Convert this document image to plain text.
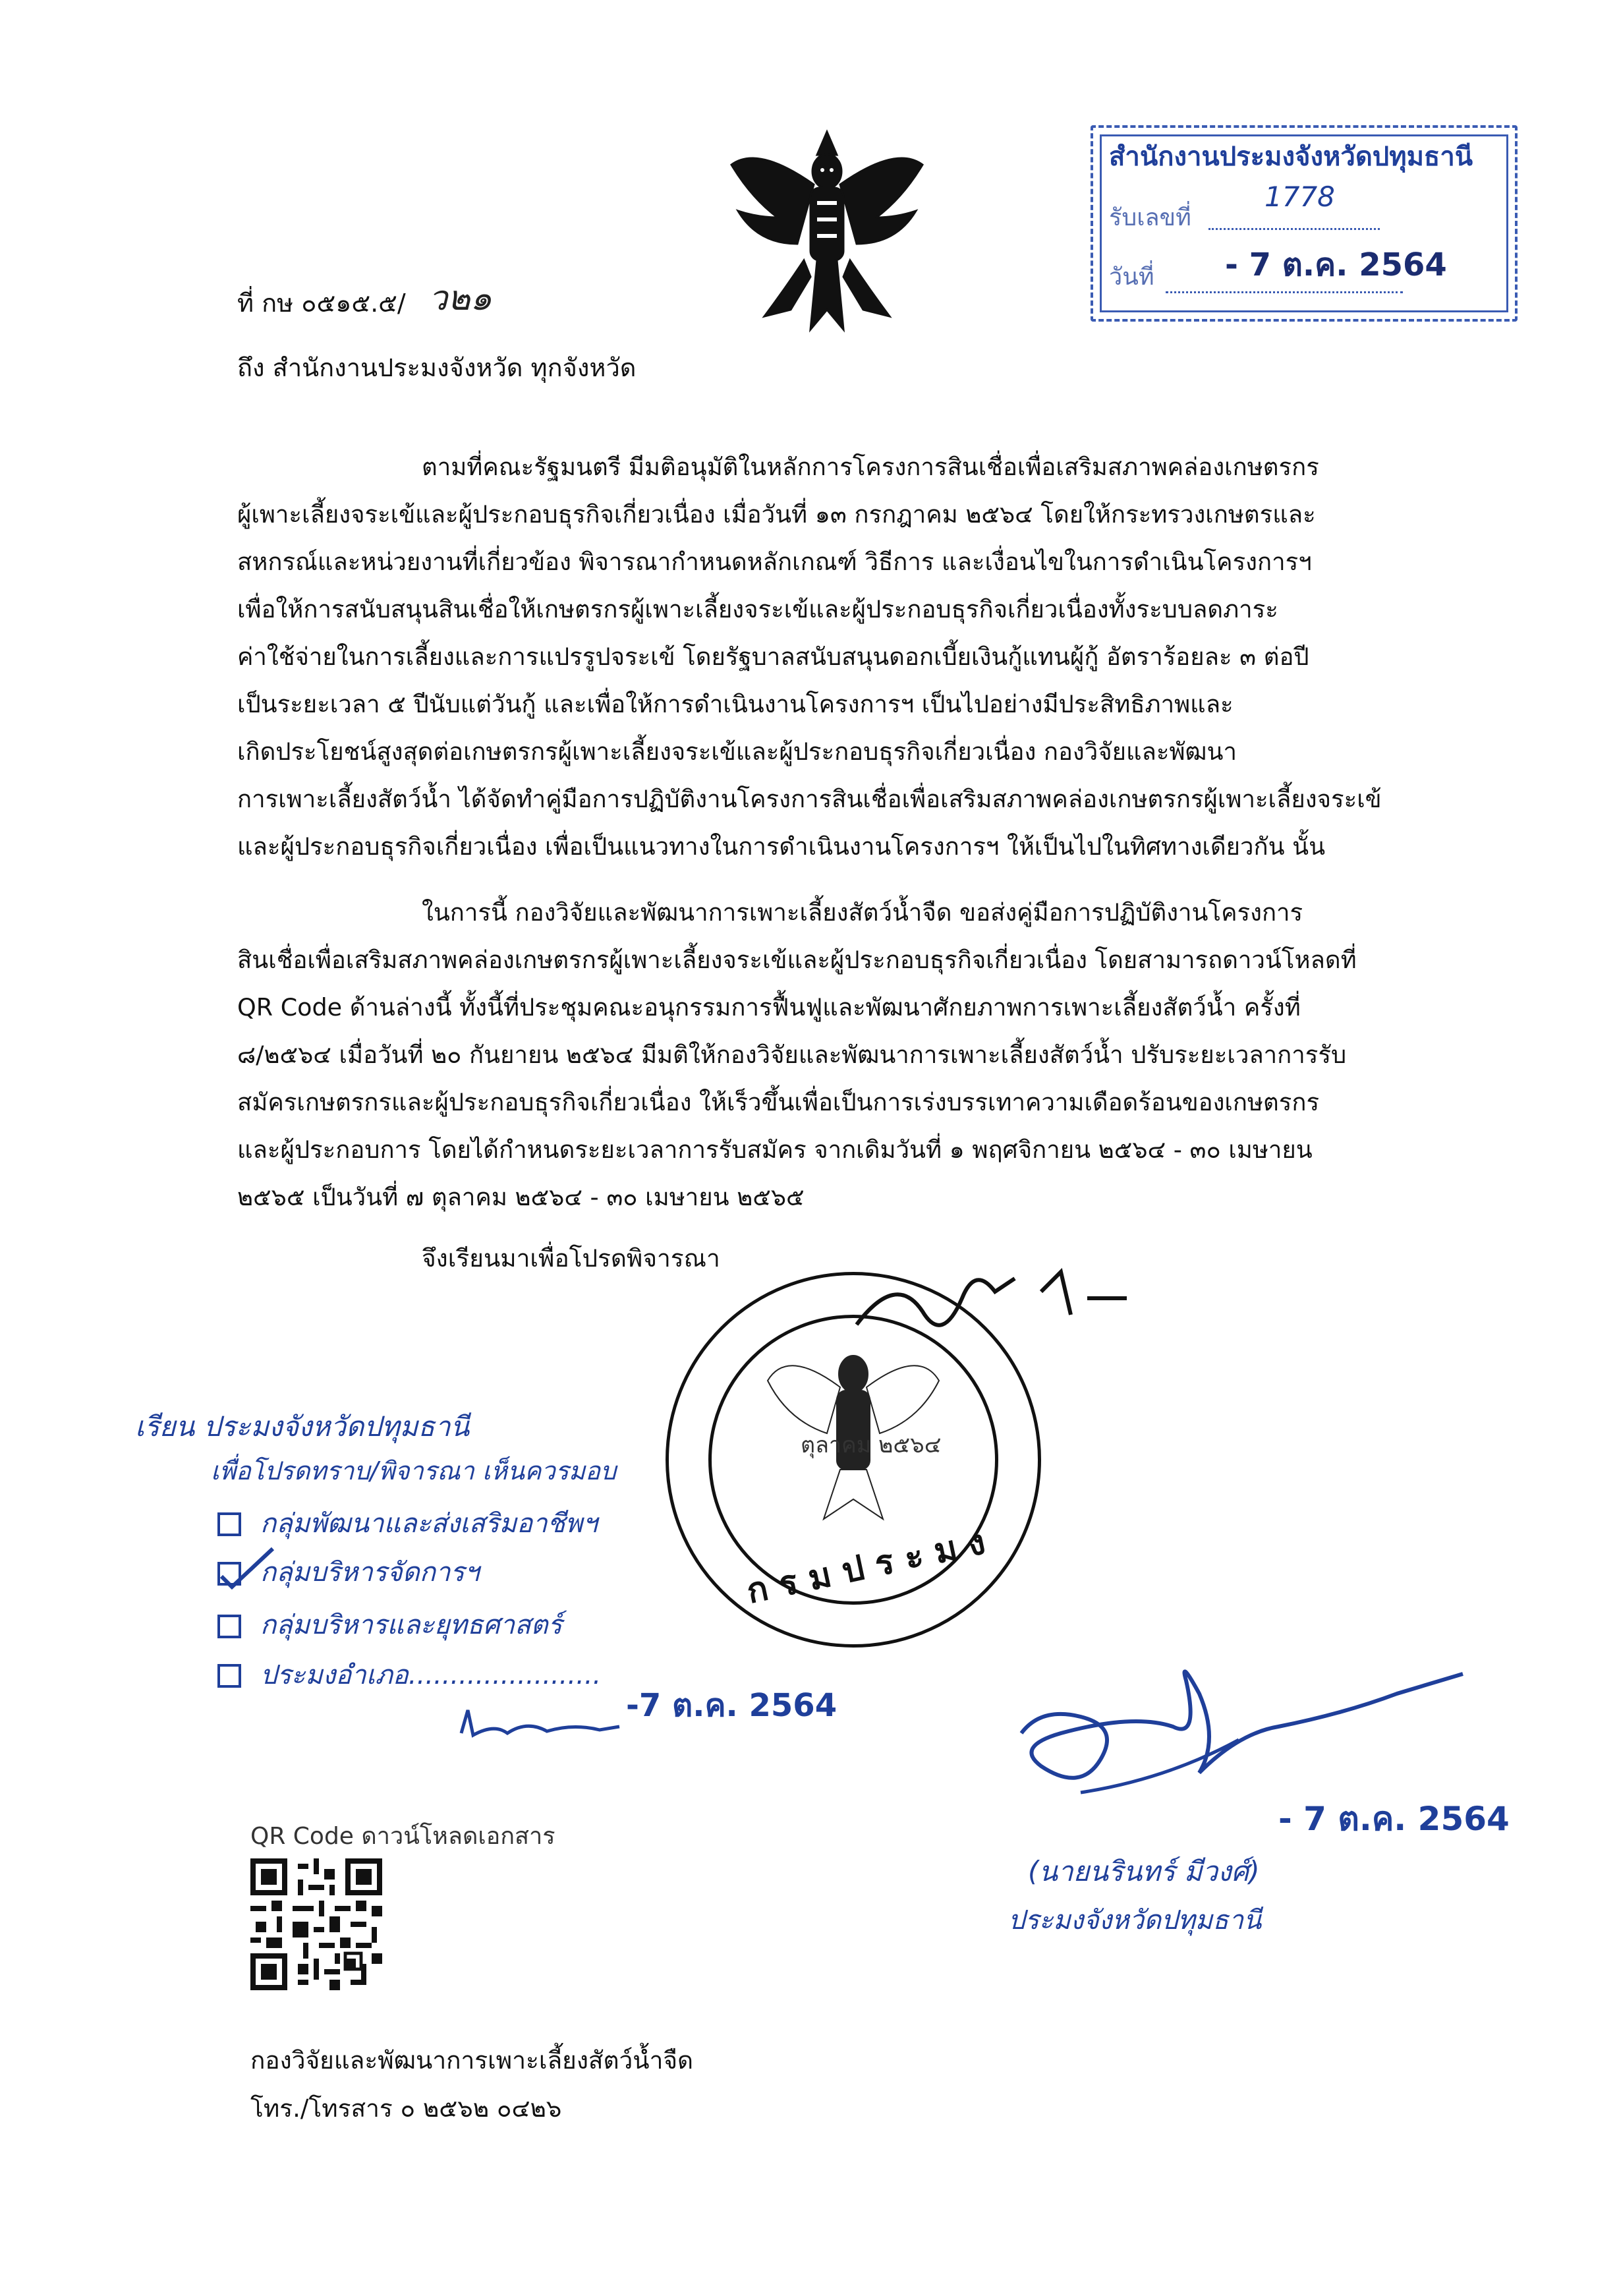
สำนักงานประมงจังหวัดปทุมธานี
รับเลขที่
1778
วันที่ - 7 ต.ค. 2564
ที่ กษ ๐๕๑๕.๕/ ว๒๑
ถึง สำนักงานประมงจังหวัด ทุกจังหวัด
ตามที่คณะรัฐมนตรี มีมติอนุมัติในหลักการโครงการสินเชื่อเพื่อเสริมสภาพคล่องเกษตรกร
ผู้เพาะเลี้ยงจระเข้และผู้ประกอบธุรกิจเกี่ยวเนื่อง เมื่อวันที่ ๑๓ กรกฎาคม ๒๕๖๔ โดยให้กระทรวงเกษตรและ
สหกรณ์และหน่วยงานที่เกี่ยวข้อง พิจารณากำหนดหลักเกณฑ์ วิธีการ และเงื่อนไขในการดำเนินโครงการฯ
เพื่อให้การสนับสนุนสินเชื่อให้เกษตรกรผู้เพาะเลี้ยงจระเข้และผู้ประกอบธุรกิจเกี่ยวเนื่องทั้งระบบลดภาระ
ค่าใช้จ่ายในการเลี้ยงและการแปรรูปจระเข้ โดยรัฐบาลสนับสนุนดอกเบี้ยเงินกู้แทนผู้กู้ อัตราร้อยละ ๓ ต่อปี
เป็นระยะเวลา ๕ ปีนับแต่วันกู้ และเพื่อให้การดำเนินงานโครงการฯ เป็นไปอย่างมีประสิทธิภาพและ
เกิดประโยชน์สูงสุดต่อเกษตรกรผู้เพาะเลี้ยงจระเข้และผู้ประกอบธุรกิจเกี่ยวเนื่อง กองวิจัยและพัฒนา
การเพาะเลี้ยงสัตว์น้ำ ได้จัดทำคู่มือการปฏิบัติงานโครงการสินเชื่อเพื่อเสริมสภาพคล่องเกษตรกรผู้เพาะเลี้ยงจระเข้
และผู้ประกอบธุรกิจเกี่ยวเนื่อง เพื่อเป็นแนวทางในการดำเนินงานโครงการฯ ให้เป็นไปในทิศทางเดียวกัน นั้น
ในการนี้ กองวิจัยและพัฒนาการเพาะเลี้ยงสัตว์น้ำจืด ขอส่งคู่มือการปฏิบัติงานโครงการ
สินเชื่อเพื่อเสริมสภาพคล่องเกษตรกรผู้เพาะเลี้ยงจระเข้และผู้ประกอบธุรกิจเกี่ยวเนื่อง โดยสามารถดาวน์โหลดที่
QR Code ด้านล่างนี้ ทั้งนี้ที่ประชุมคณะอนุกรรมการฟื้นฟูและพัฒนาศักยภาพการเพาะเลี้ยงสัตว์น้ำ ครั้งที่
๘/๒๕๖๔ เมื่อวันที่ ๒๐ กันยายน ๒๕๖๔ มีมติให้กองวิจัยและพัฒนาการเพาะเลี้ยงสัตว์น้ำ ปรับระยะเวลาการรับ
สมัครเกษตรกรและผู้ประกอบธุรกิจเกี่ยวเนื่อง ให้เร็วขึ้นเพื่อเป็นการเร่งบรรเทาความเดือดร้อนของเกษตรกร
และผู้ประกอบการ โดยได้กำหนดระยะเวลาการรับสมัคร จากเดิมวันที่ ๑ พฤศจิกายน ๒๕๖๔ - ๓๐ เมษายน
๒๕๖๕ เป็นวันที่ ๗ ตุลาคม ๒๕๖๔ - ๓๐ เมษายน ๒๕๖๕
จึงเรียนมาเพื่อโปรดพิจารณา
ตุลาคม ๒๕๖๔
กรมประมง
เรียน ประมงจังหวัดปทุมธานี
เพื่อโปรดทราบ/พิจารณา เห็นควรมอบ
กลุ่มพัฒนาและส่งเสริมอาชีพฯ
กลุ่มบริหารจัดการฯ
กลุ่มบริหารและยุทธศาสตร์
ประมงอำเภอ.......................
-7 ต.ค. 2564
- 7 ต.ค. 2564
(นายนรินทร์ มีวงศ์)
ประมงจังหวัดปทุมธานี
QR Code ดาวน์โหลดเอกสาร
กองวิจัยและพัฒนาการเพาะเลี้ยงสัตว์น้ำจืด
โทร./โทรสาร ๐ ๒๕๖๒ ๐๔๒๖
